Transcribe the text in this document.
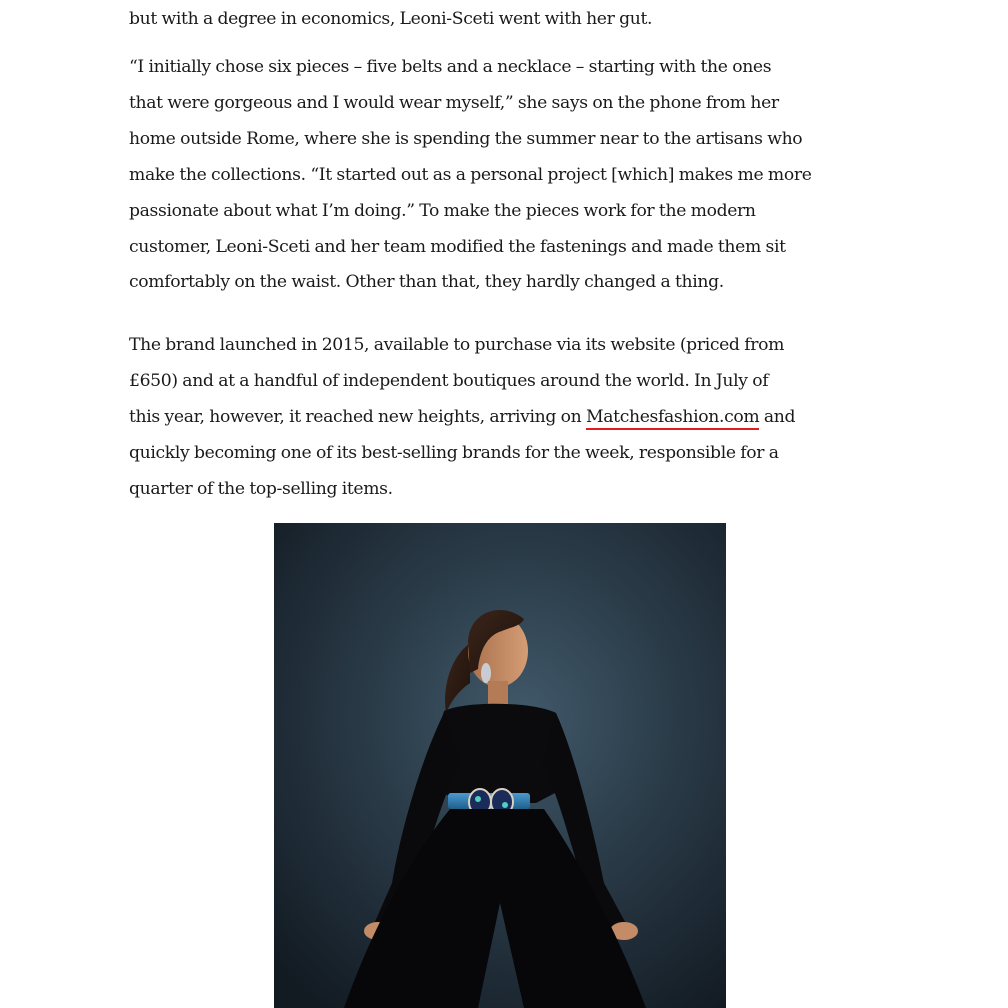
but with a degree in economics, Leoni-Sceti went with her gut.

“I initially chose six pieces – five belts and a necklace – starting with the ones
that were gorgeous and I would wear myself,” she says on the phone from her
home outside Rome, where she is spending the summer near to the artisans who
make the collections. “It started out as a personal project [which] makes me more
passionate about what I’m doing.” To make the pieces work for the modern
customer, Leoni-Sceti and her team modified the fastenings and made them sit
comfortably on the waist. Other than that, they hardly changed a thing.

The brand launched in 2015, available to purchase via its website (priced from
£650) and at a handful of independent boutiques around the world. In July of
this year, however, it reached new heights, arriving on Matchesfashion.com and
quickly becoming one of its best-selling brands for the week, responsible for a
quarter of the top-selling items.
